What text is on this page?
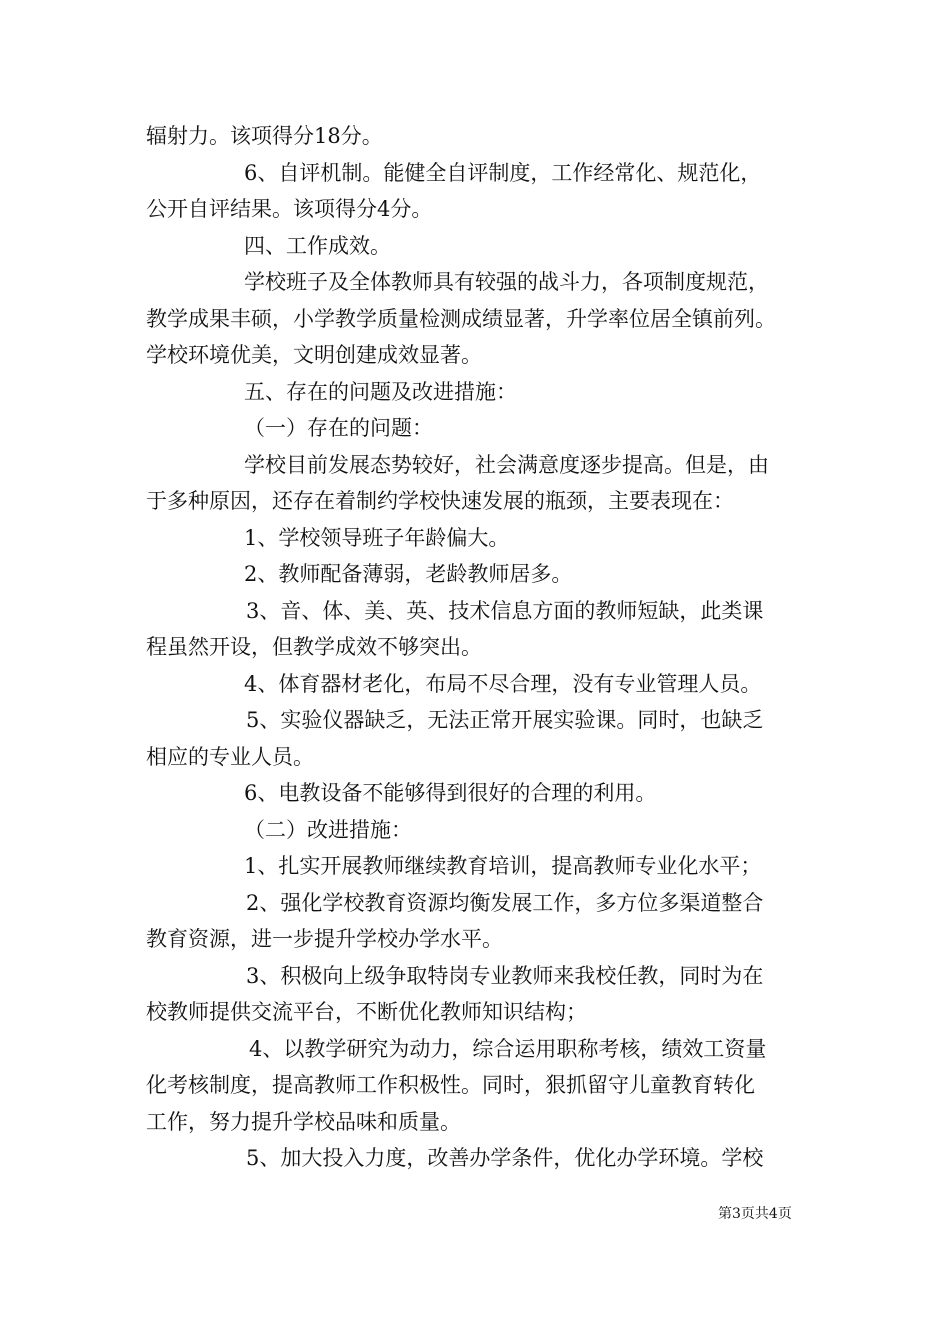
辐射力。该项得分18分。

6、自评机制。能健全自评制度，工作经常化、规范化，

公开自评结果。该项得分4分。

四、工作成效。

学校班子及全体教师具有较强的战斗力，各项制度规范，

教学成果丰硕，小学教学质量检测成绩显著，升学率位居全镇前列。

学校环境优美，文明创建成效显著。

五、存在的问题及改进措施：

（一）存在的问题：

学校目前发展态势较好，社会满意度逐步提高。但是，由

于多种原因，还存在着制约学校快速发展的瓶颈，主要表现在：

1、学校领导班子年龄偏大。

2、教师配备薄弱，老龄教师居多。

3、音、体、美、英、技术信息方面的教师短缺，此类课

程虽然开设，但教学成效不够突出。

4、体育器材老化，布局不尽合理，没有专业管理人员。

5、实验仪器缺乏，无法正常开展实验课。同时，也缺乏

相应的专业人员。

6、电教设备不能够得到很好的合理的利用。

（二）改进措施：

1、扎实开展教师继续教育培训，提高教师专业化水平；

2、强化学校教育资源均衡发展工作，多方位多渠道整合

教育资源，进一步提升学校办学水平。

3、积极向上级争取特岗专业教师来我校任教，同时为在

校教师提供交流平台，不断优化教师知识结构；

4、以教学研究为动力，综合运用职称考核，绩效工资量

化考核制度，提高教师工作积极性。同时，狠抓留守儿童教育转化

工作，努力提升学校品味和质量。

5、加大投入力度，改善办学条件，优化办学环境。学校

第3页共4页
